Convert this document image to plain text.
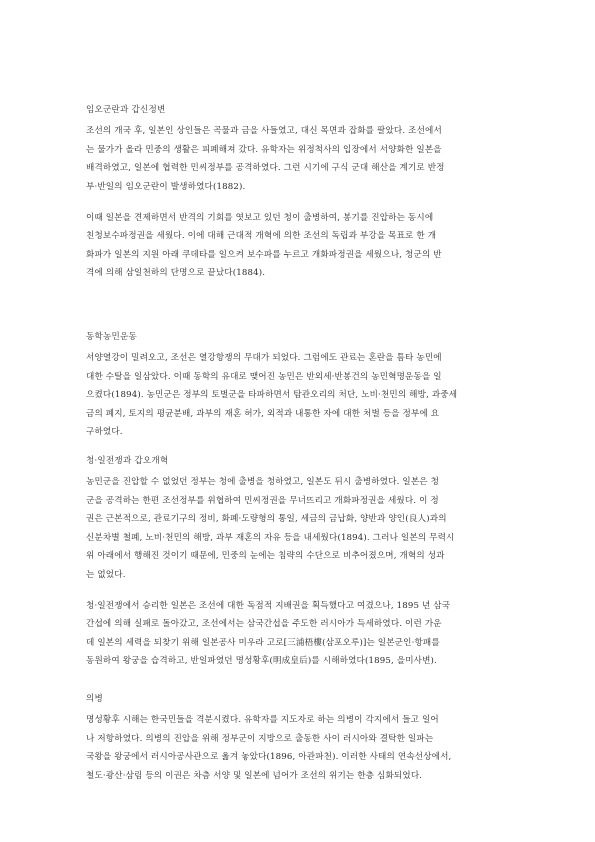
임오군란과 갑신정변
조선의 개국 후, 일본인 상인들은 곡물과 금을 사들였고, 대신 목면과 잡화를 팔았다. 조선에서
는 물가가 올라 민중의 생활은 피폐해져 갔다. 유학자는 위정척사의 입장에서 서양화한 일본을
배격하였고, 일본에 협력한 민씨정부를 공격하였다. 그런 시기에 구식 군대 해산을 계기로 반정
부·반일의 임오군란이 발생하였다(1882).
이때 일본을 견제하면서 반격의 기회를 엿보고 있던 청이 출병하여, 봉기를 진압하는 동시에
친청보수파정권을 세웠다. 이에 대해 근대적 개혁에 의한 조선의 독립과 부강을 목표로 한 개
화파가 일본의 지원 아래 쿠데타를 일으켜 보수파를 누르고 개화파정권을 세웠으나, 청군의 반
격에 의해 삼일천하의 단명으로 끝났다(1884).
동학농민운동
서양열강이 밀려오고, 조선은 열강항쟁의 무대가 되었다. 그럼에도 관료는 혼란을 틈타 농민에
대한 수탈을 일삼았다. 이때 동학의 유대로 맺어진 농민은 반외세·반봉건의 농민혁명운동을 일
으켰다(1894). 농민군은 정부의 토벌군을 타파하면서 탐관오리의 처단, 노비·천민의 해방, 과중세
금의 폐지, 토지의 평균분배, 과부의 재혼 허가, 외적과 내통한 자에 대한 처벌 등을 정부에 요
구하였다.
청·일전쟁과 갑오개혁
농민군을 진압할 수 없었던 정부는 청에 출병을 청하였고, 일본도 뒤시 출병하였다. 일본은 청
군을 공격하는 한편 조선정부를 위협하여 민씨정권을 무너뜨리고 개화파정권을 세웠다. 이 정
권은 근본적으로, 관료기구의 정비, 화폐·도량형의 통일, 세금의 금납화, 양반과 양인(良人)과의
신분차별 철폐, 노비·천민의 해방, 과부 재혼의 자유 등을 내세웠다(1894). 그러나 일본의 무력시
위 아래에서 행해진 것이기 때문에, 민중의 눈에는 침략의 수단으로 비추어졌으며, 개혁의 성과
는 없었다.
청·일전쟁에서 승리한 일본은 조선에 대한 독점적 지배권을 획득했다고 여겼으나, 1895 년 삼국
간섭에 의해 실패로 돌아갔고, 조선에서는 삼국간섭을 주도한 러시아가 득세하였다. 이런 가운
데 일본의 세력을 되찾기 위해 일본공사 미우라 고로[三浦梧樓(삼포오루)]는 일본군인·항패를
동원하여 왕궁을 습격하고, 반일파였던 명성황후(明成皇后)를 시해하였다(1895, 을미사변).
의병
명성황후 시해는 한국민들을 격분시켰다. 유학자를 지도자로 하는 의병이 각지에서 들고 일어
나 저항하였다. 의병의 진압을 위해 정부군이 지방으로 출동한 사이 러시아와 결탁한 일파는
국왕을 왕궁에서 러시아공사관으로 옮겨 놓았다(1896, 아관파천). 이러한 사태의 연속선상에서,
철도·광산·삼림 등의 이권은 차츰 서양 및 일본에 넘어가 조선의 위기는 한층 심화되었다.
